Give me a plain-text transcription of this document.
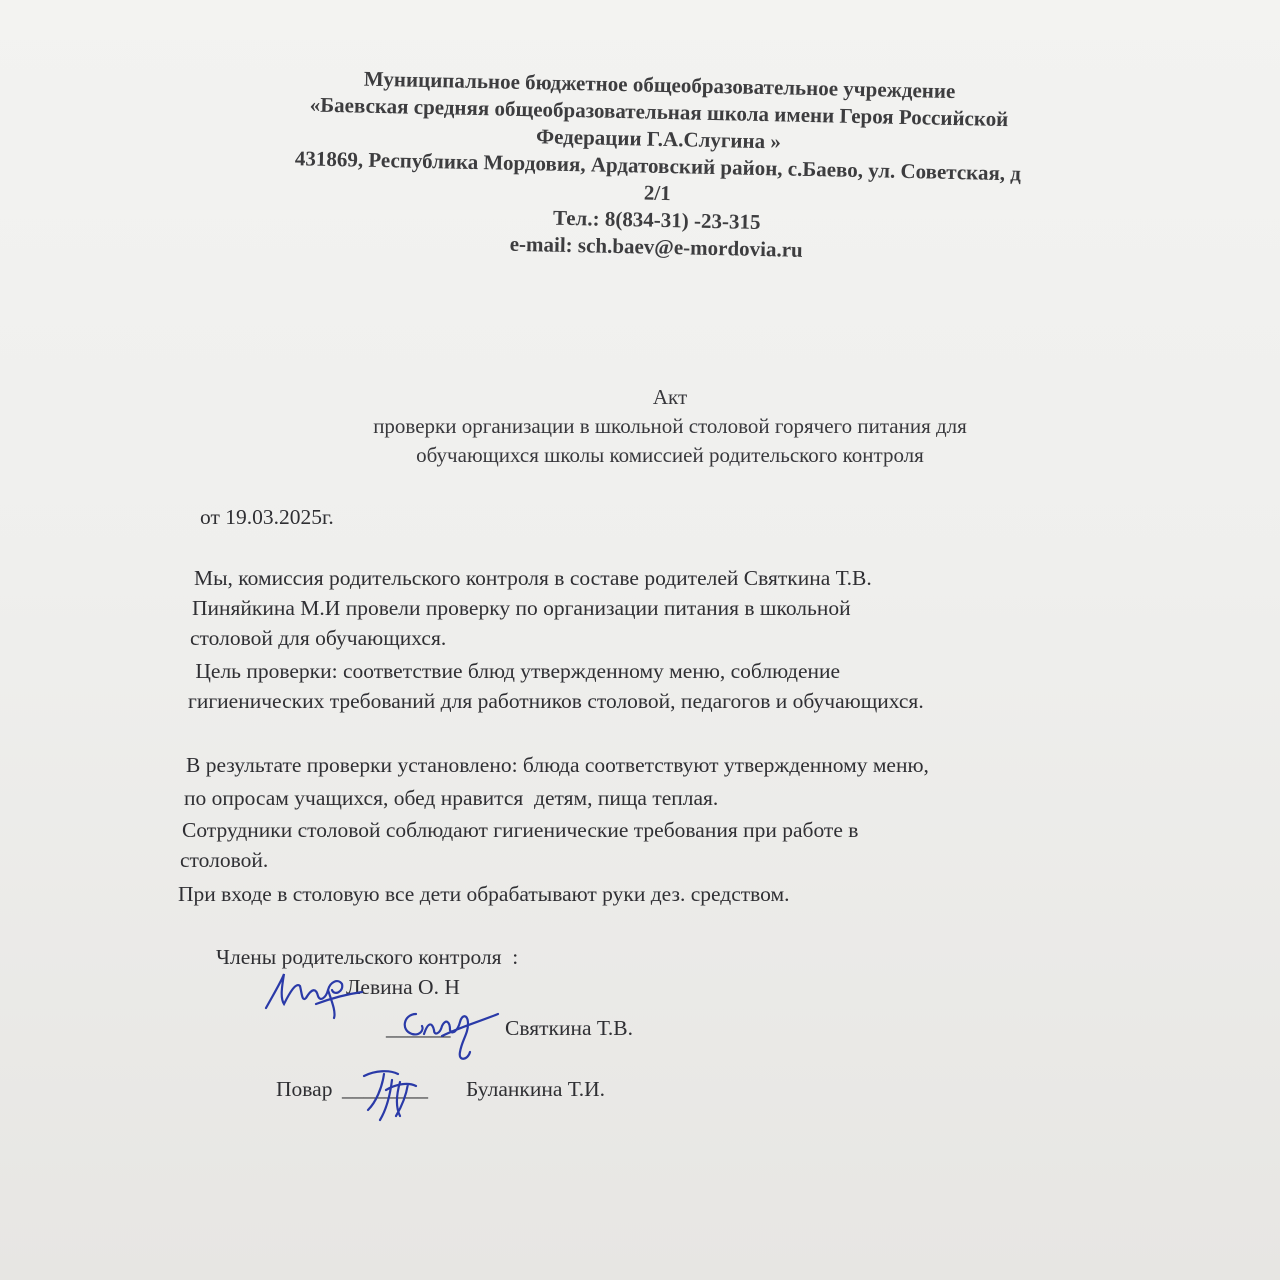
Муниципальное бюджетное общеобразовательное учреждение
«Баевская средняя общеобразовательная школа имени Героя Российской
Федерации Г.А.Слугина »
431869, Республика Мордовия, Ардатовский район, с.Баево, ул. Советская, д
2/1
Тел.: 8(834-31) -23-315
e-mail: sch.baev@e-mordovia.ru
Акт
проверки организации в школьной столовой горячего питания для
обучающихся школы комиссией родительского контроля
от 19.03.2025г.
Мы, комиссия родительского контроля в составе родителей Святкина Т.В.
Пиняйкина М.И провели проверку по организации питания в школьной
столовой для обучающихся.
Цель проверки: соответствие блюд утвержденному меню, соблюдение
гигиенических требований для работников столовой, педагогов и обучающихся.
В результате проверки установлено: блюда соответствуют утвержденному меню,
по опросам учащихся, обед нравится  детям, пища теплая.
Сотрудники столовой соблюдают гигиенические требования при работе в
столовой.
При входе в столовую все дети обрабатывают руки дез. средством.
Члены родительского контроля  :
Левина О. Н
______	Святкина Т.В.
Повар ________ Буланкина Т.И.
